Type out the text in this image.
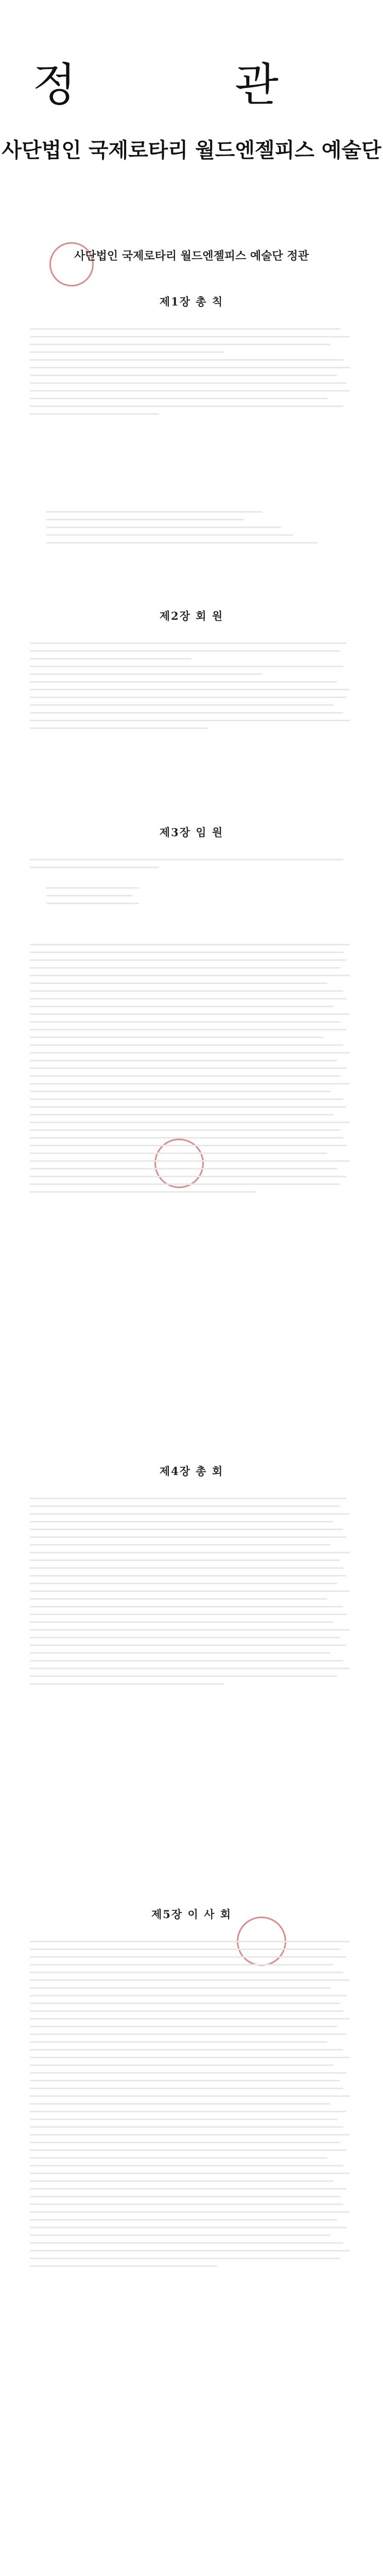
정 관
사단법인 국제로타리 월드엔젤피스 예술단
사단법인 국제로타리 월드엔젤피스 예술단 정관
제1장 총 칙
제2장 회 원
제3장 임 원
제4장 총 회
제5장 이 사 회
